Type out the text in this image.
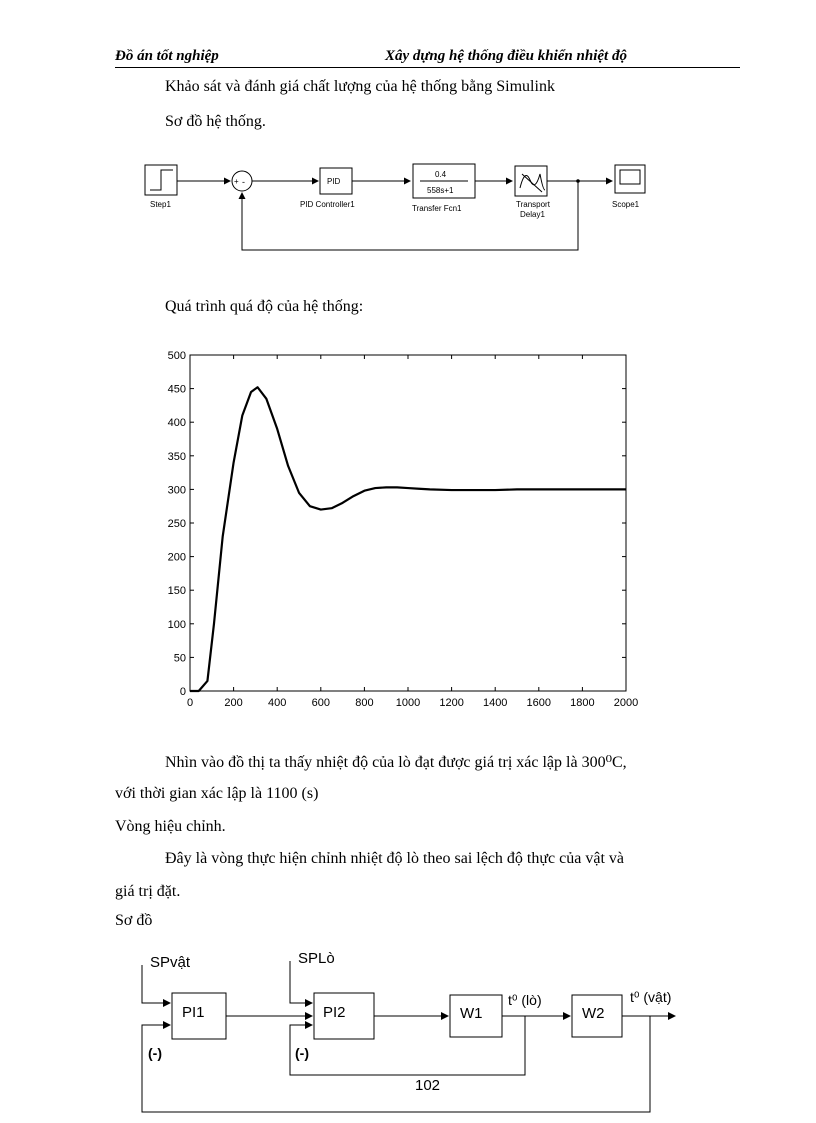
Đồ án tốt nghiệp	Xây dựng hệ thống điều khiển nhiệt độ
Khảo sát và đánh giá chất lượng của hệ thống bằng Simulink
Sơ đồ hệ thống.
Step1
+ -	PID
PID Controller1
0.4
558s+1
Transfer Fcn1	Transport
Delay1
Scope1
Quá trình quá độ của hệ thống:
0	200 400 600 800 1000 1200 1400 1600 1800 2000
0
50
100
150
200
250
300
350
400
450
500
Nhìn vào đồ thị ta thấy nhiệt độ của lò đạt được giá trị xác lập là 300⁰C,
với thời gian xác lập là 1100 (s)
Vòng hiệu chỉnh.
Đây là vòng thực hiện chỉnh nhiệt độ lò theo sai lệch độ thực của vật và
giá trị đặt.
Sơ đồ
SPvật	SPLò
PI1	PI2	W1
t⁰ (lò)
W2
t⁰ (vật)
(-)
102
(-)
